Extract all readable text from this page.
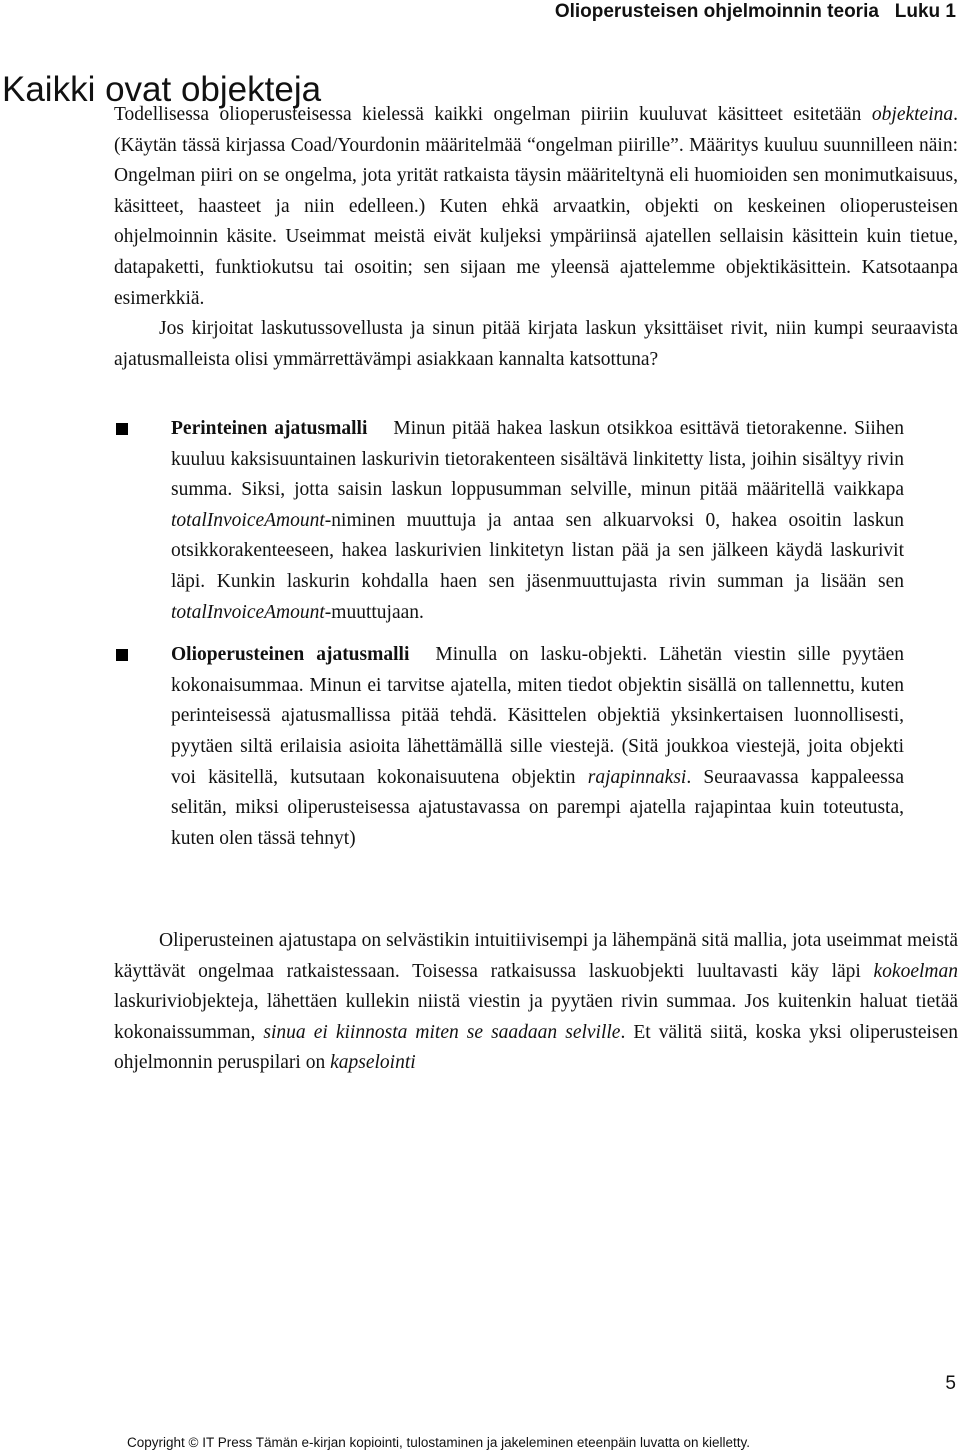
Olioperusteisen ohjelmoinnin teoria Luku 1
Kaikki ovat objekteja

Todellisessa olioperusteisessa kielessä kaikki ongelman piiriin kuuluvat käsitteet esitetään objekteina. (Käytän tässä kirjassa Coad/Yourdonin määritelmää “ongelman piirille”. Määritys kuuluu suunnilleen näin: Ongelman piiri on se ongelma, jota yrität ratkaista täysin määriteltynä eli huomioiden sen monimutkaisuus, käsitteet, haasteet ja niin edelleen.) Kuten ehkä arvaatkin, objekti on keskeinen olioperusteisen ohjelmoinnin käsite. Useimmat meistä eivät kuljeksi ympäriinsä ajatellen sellaisin käsittein kuin tietue, datapaketti, funktiokutsu tai osoitin; sen sijaan me yleensä ajattelemme objektikäsittein. Katsotaanpa esimerkkiä.

Jos kirjoitat laskutussovellusta ja sinun pitää kirjata laskun yksittäiset rivit, niin kumpi seuraavista ajatusmalleista olisi ymmärrettävämpi asiakkaan kannalta katsottuna?

Perinteinen ajatusmalli Minun pitää hakea laskun otsikkoa esittävä tietorakenne. Siihen kuuluu kaksisuuntainen laskurivin tietorakenteen sisältävä linkitetty lista, joihin sisältyy rivin summa. Siksi, jotta saisin laskun loppusumman selville, minun pitää määritellä vaikkapa totalInvoiceAmount-niminen muuttuja ja antaa sen alkuarvoksi 0, hakea osoitin laskun otsikkorakenteeseen, hakea laskurivien linkitetyn listan pää ja sen jälkeen käydä laskurivit läpi. Kunkin laskurin kohdalla haen sen jäsenmuuttujasta rivin summan ja lisään sen totalInvoiceAmount-muuttujaan.
Olioperusteinen ajatusmalli Minulla on lasku-objekti. Lähetän viestin sille pyytäen kokonaisummaa. Minun ei tarvitse ajatella, miten tiedot objektin sisällä on tallennettu, kuten perinteisessä ajatusmallissa pitää tehdä. Käsittelen objektiä yksinkertaisen luonnollisesti, pyytäen siltä erilaisia asioita lähettämällä sille viestejä. (Sitä joukkoa viestejä, joita objekti voi käsitellä, kutsutaan kokonaisuutena objektin rajapinnaksi. Seuraavassa kappaleessa selitän, miksi oliperusteisessa ajatustavassa on parempi ajatella rajapintaa kuin toteutusta, kuten olen tässä tehnyt)

Oliperusteinen ajatustapa on selvästikin intuitiivisempi ja lähempänä sitä mallia, jota useimmat meistä käyttävät ongelmaa ratkaistessaan. Toisessa ratkaisussa laskuobjekti luultavasti käy läpi kokoelman laskuriviobjekteja, lähettäen kullekin niistä viestin ja pyytäen rivin summaa. Jos kuitenkin haluat tietää kokonaissumman, sinua ei kiinnosta miten se saadaan selville. Et välitä siitä, koska yksi oliperusteisen ohjelmonnin peruspilari on kapselointi

5
Copyright © IT Press Tämän e-kirjan kopiointi, tulostaminen ja jakeleminen eteenpäin luvatta on kielletty.
